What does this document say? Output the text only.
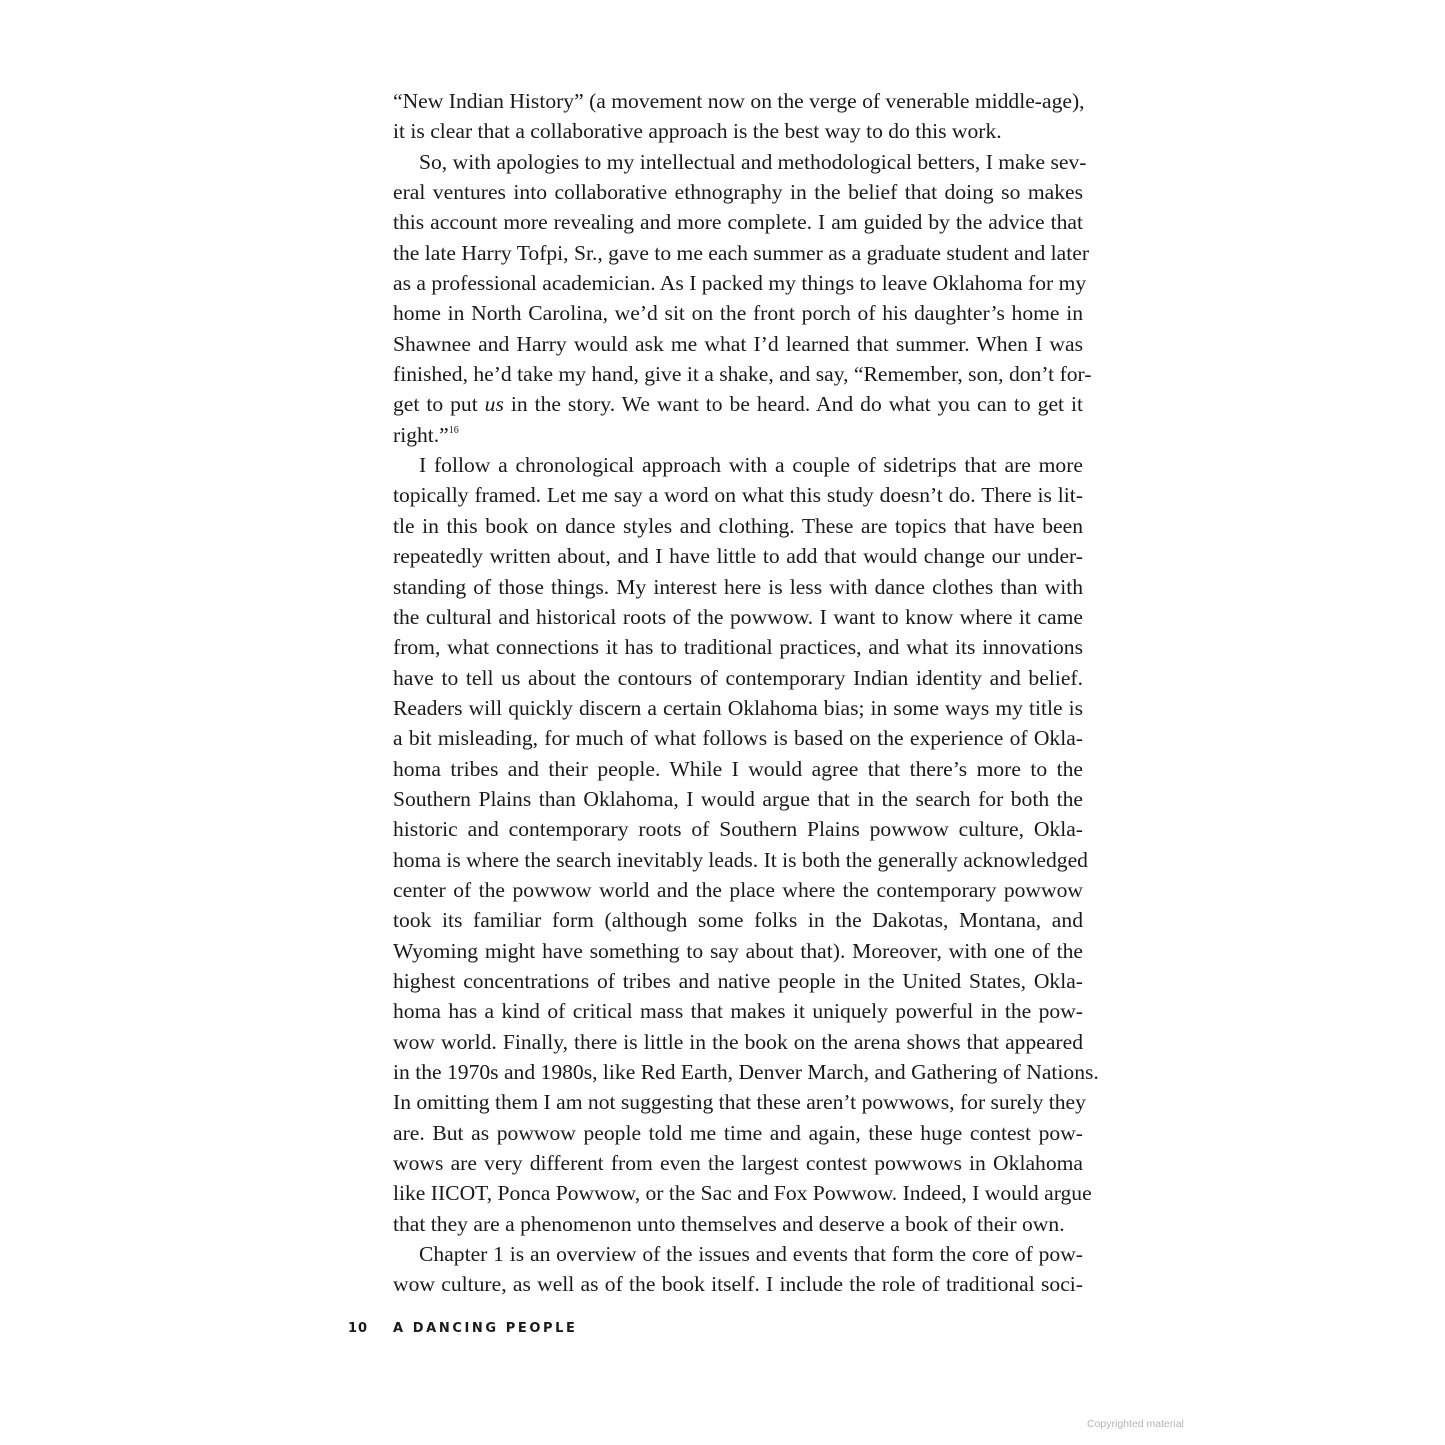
“New Indian History” (a movement now on the verge of venerable middle-age),
it is clear that a collaborative approach is the best way to do this work.
So, with apologies to my intellectual and methodological betters, I make sev-
eral ventures into collaborative ethnography in the belief that doing so makes
this account more revealing and more complete. I am guided by the advice that
the late Harry Tofpi, Sr., gave to me each summer as a graduate student and later
as a professional academician. As I packed my things to leave Oklahoma for my
home in North Carolina, we’d sit on the front porch of his daughter’s home in
Shawnee and Harry would ask me what I’d learned that summer. When I was
finished, he’d take my hand, give it a shake, and say, “Remember, son, don’t for-
get to put us in the story. We want to be heard. And do what you can to get it
right.”$^{16}$
I follow a chronological approach with a couple of sidetrips that are more
topically framed. Let me say a word on what this study doesn’t do. There is lit-
tle in this book on dance styles and clothing. These are topics that have been
repeatedly written about, and I have little to add that would change our under-
standing of those things. My interest here is less with dance clothes than with
the cultural and historical roots of the powwow. I want to know where it came
from, what connections it has to traditional practices, and what its innovations
have to tell us about the contours of contemporary Indian identity and belief.
Readers will quickly discern a certain Oklahoma bias; in some ways my title is
a bit misleading, for much of what follows is based on the experience of Okla-
homa tribes and their people. While I would agree that there’s more to the
Southern Plains than Oklahoma, I would argue that in the search for both the
historic and contemporary roots of Southern Plains powwow culture, Okla-
homa is where the search inevitably leads. It is both the generally acknowledged
center of the powwow world and the place where the contemporary powwow
took its familiar form (although some folks in the Dakotas, Montana, and
Wyoming might have something to say about that). Moreover, with one of the
highest concentrations of tribes and native people in the United States, Okla-
homa has a kind of critical mass that makes it uniquely powerful in the pow-
wow world. Finally, there is little in the book on the arena shows that appeared
in the 1970s and 1980s, like Red Earth, Denver March, and Gathering of Nations.
In omitting them I am not suggesting that these aren’t powwows, for surely they
are. But as powwow people told me time and again, these huge contest pow-
wows are very different from even the largest contest powwows in Oklahoma
like IICOT, Ponca Powwow, or the Sac and Fox Powwow. Indeed, I would argue
that they are a phenomenon unto themselves and deserve a book of their own.
Chapter 1 is an overview of the issues and events that form the core of pow-
wow culture, as well as of the book itself. I include the role of traditional soci-
10 A DANCING PEOPLE
Copyrighted material
